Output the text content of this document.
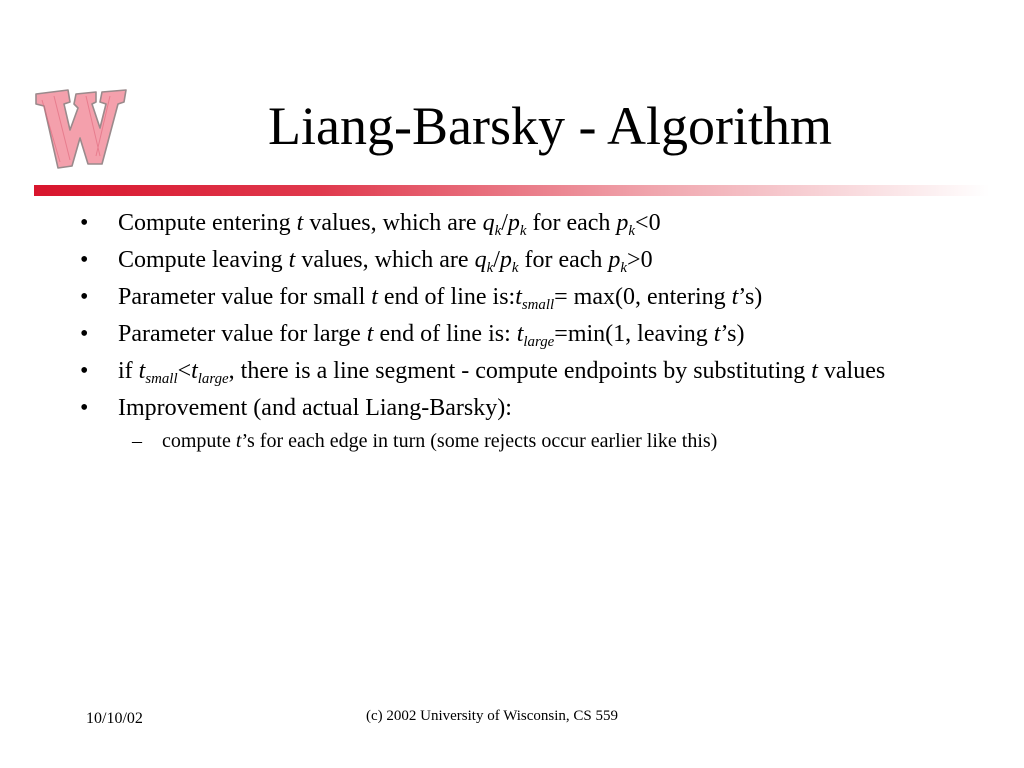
Liang-Barsky - Algorithm
• Compute entering t values, which are $q_k/p_k$ for each $p_k<0$
• Compute leaving t values, which are $q_k/p_k$ for each $p_k>0$
• Parameter value for small t end of line $is:t_{small}= \max(0$, entering t’s)
• Parameter value for large t end of line is: $t_{large}=\min(1$, leaving t’s)
• if $t_{small}<t_{large}$, there is a line segment - compute endpoints by substituting t values
• Improvement (and actual Liang-Barsky):
– compute t’s for each edge in turn (some rejects occur earlier like this)
10/10/02	(c) 2002 University of Wisconsin, CS 559
